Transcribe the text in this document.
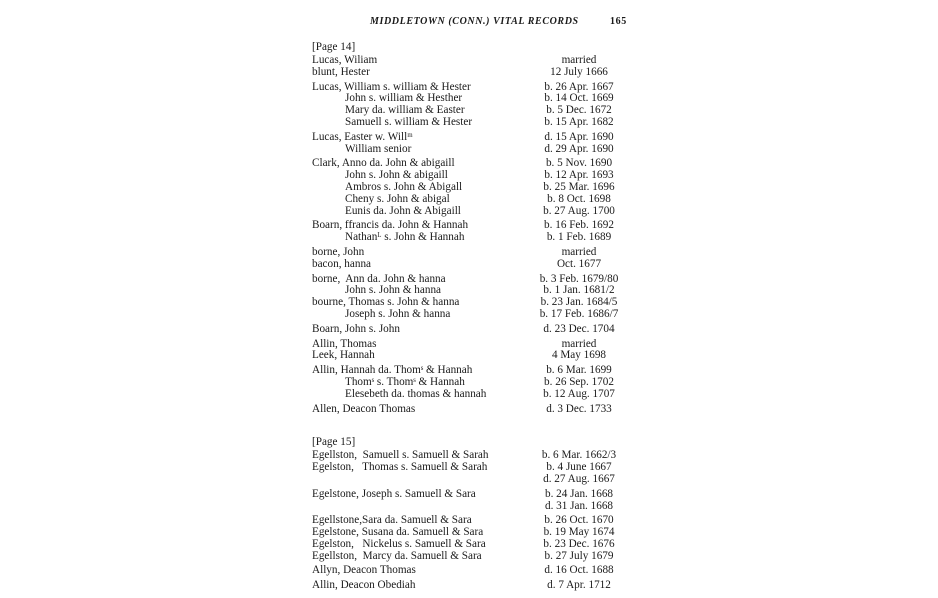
MIDDLETOWN (CONN.) VITAL RECORDS	165
[Page 14]
Lucas, Wiliam	married
blunt, Hester	12 July 1666
Lucas, William s. william & Hester	b. 26 Apr. 1667
John s. william & Hesther	b. 14 Oct. 1669
Mary da. william & Easter	b. 5 Dec. 1672
Samuell s. william & Hester	b. 15 Apr. 1682
Lucas, Easter w. Willᵐ	d. 15 Apr. 1690
William senior	d. 29 Apr. 1690
Clark, Anno da. John & abigaill	b. 5 Nov. 1690
John s. John & abigaill	b. 12 Apr. 1693
Ambros s. John & Abigall	b. 25 Mar. 1696
Cheny s. John & abigal	b. 8 Oct. 1698
Eunis da. John & Abigaill	b. 27 Aug. 1700
Boarn, ffrancis da. John & Hannah	b. 16 Feb. 1692
Nathanᴸ s. John & Hannah	b. 1 Feb. 1689
borne, John	married
bacon, hanna	Oct. 1677
borne,  Ann da. John & hanna	b. 3 Feb. 1679/80
John s. John & hanna	b. 1 Jan. 1681/2
bourne, Thomas s. John & hanna	b. 23 Jan. 1684/5
Joseph s. John & hanna	b. 17 Feb. 1686/7
Boarn, John s. John	d. 23 Dec. 1704
Allin, Thomas	married
Leek, Hannah	4 May 1698
Allin, Hannah da. Thomˢ & Hannah	b. 6 Mar. 1699
Thomˢ s. Thomˢ & Hannah	b. 26 Sep. 1702
Elesebeth da. thomas & hannah	b. 12 Aug. 1707
Allen, Deacon Thomas	d. 3 Dec. 1733
[Page 15]
Egellston,  Samuell s. Samuell & Sarah	b. 6 Mar. 1662/3
Egelston,   Thomas s. Samuell & Sarah	b. 4 June 1667
d. 27 Aug. 1667
Egelstone, Joseph s. Samuell & Sara	b. 24 Jan. 1668
d. 31 Jan. 1668
Egellstone,Sara da. Samuell & Sara	b. 26 Oct. 1670
Egelstone, Susana da. Samuell & Sara	b. 19 May 1674
Egelston,   Nickelus s. Samuell & Sara	b. 23 Dec. 1676
Egellston,  Marcy da. Samuell & Sara	b. 27 July 1679
Allyn, Deacon Thomas	d. 16 Oct. 1688
Allin, Deacon Obediah	d. 7 Apr. 1712
